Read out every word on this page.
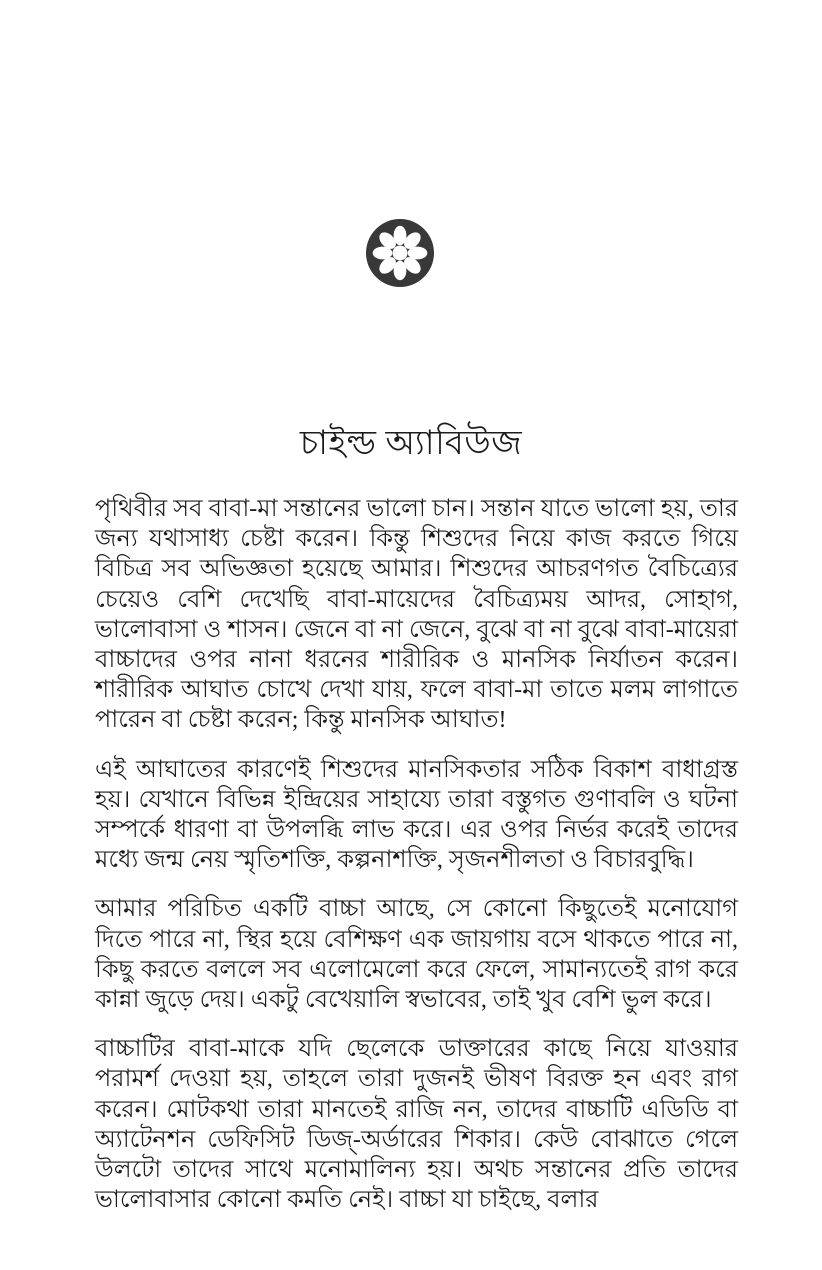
চাইল্ড অ্যাবিউজ

পৃথিবীর সব বাবা-মা সন্তানের ভালো চান। সন্তান যাতে ভালো হয়, তার জন্য যথাসাধ্য চেষ্টা করেন। কিন্তু শিশুদের নিয়ে কাজ করতে গিয়ে বিচিত্র সব অভিজ্ঞতা হয়েছে আমার। শিশুদের আচরণগত বৈচিত্র্যের চেয়েও বেশি দেখেছি বাবা-মায়েদের বৈচিত্র্যময় আদর, সোহাগ, ভালোবাসা ও শাসন। জেনে বা না জেনে, বুঝে বা না বুঝে বাবা-মায়েরা বাচ্চাদের ওপর নানা ধরনের শারীরিক ও মানসিক নির্যাতন করেন। শারীরিক আঘাত চোখে দেখা যায়, ফলে বাবা-মা তাতে মলম লাগাতে পারেন বা চেষ্টা করেন; কিন্তু মানসিক আঘাত!

এই আঘাতের কারণেই শিশুদের মানসিকতার সঠিক বিকাশ বাধাগ্রস্ত হয়। যেখানে বিভিন্ন ইন্দ্রিয়ের সাহায্যে তারা বস্তুগত গুণাবলি ও ঘটনা সম্পর্কে ধারণা বা উপলব্ধি লাভ করে। এর ওপর নির্ভর করেই তাদের মধ্যে জন্ম নেয় স্মৃতিশক্তি, কল্পনাশক্তি, সৃজনশীলতা ও বিচারবুদ্ধি।

আমার পরিচিত একটি বাচ্চা আছে, সে কোনো কিছুতেই মনোযোগ দিতে পারে না, স্থির হয়ে বেশিক্ষণ এক জায়গায় বসে থাকতে পারে না, কিছু করতে বললে সব এলোমেলো করে ফেলে, সামান্যতেই রাগ করে কান্না জুড়ে দেয়। একটু বেখেয়ালি স্বভাবের, তাই খুব বেশি ভুল করে।

বাচ্চাটির বাবা-মাকে যদি ছেলেকে ডাক্তারের কাছে নিয়ে যাওয়ার পরামর্শ দেওয়া হয়, তাহলে তারা দুজনই ভীষণ বিরক্ত হন এবং রাগ করেন। মোটকথা তারা মানতেই রাজি নন, তাদের বাচ্চাটি এডিডি বা অ্যাটেনশন ডেফিসিট ডিজ্-অর্ডারের শিকার। কেউ বোঝাতে গেলে উলটো তাদের সাথে মনোমালিন্য হয়। অথচ সন্তানের প্রতি তাদের ভালোবাসার কোনো কমতি নেই। বাচ্চা যা চাইছে, বলার
